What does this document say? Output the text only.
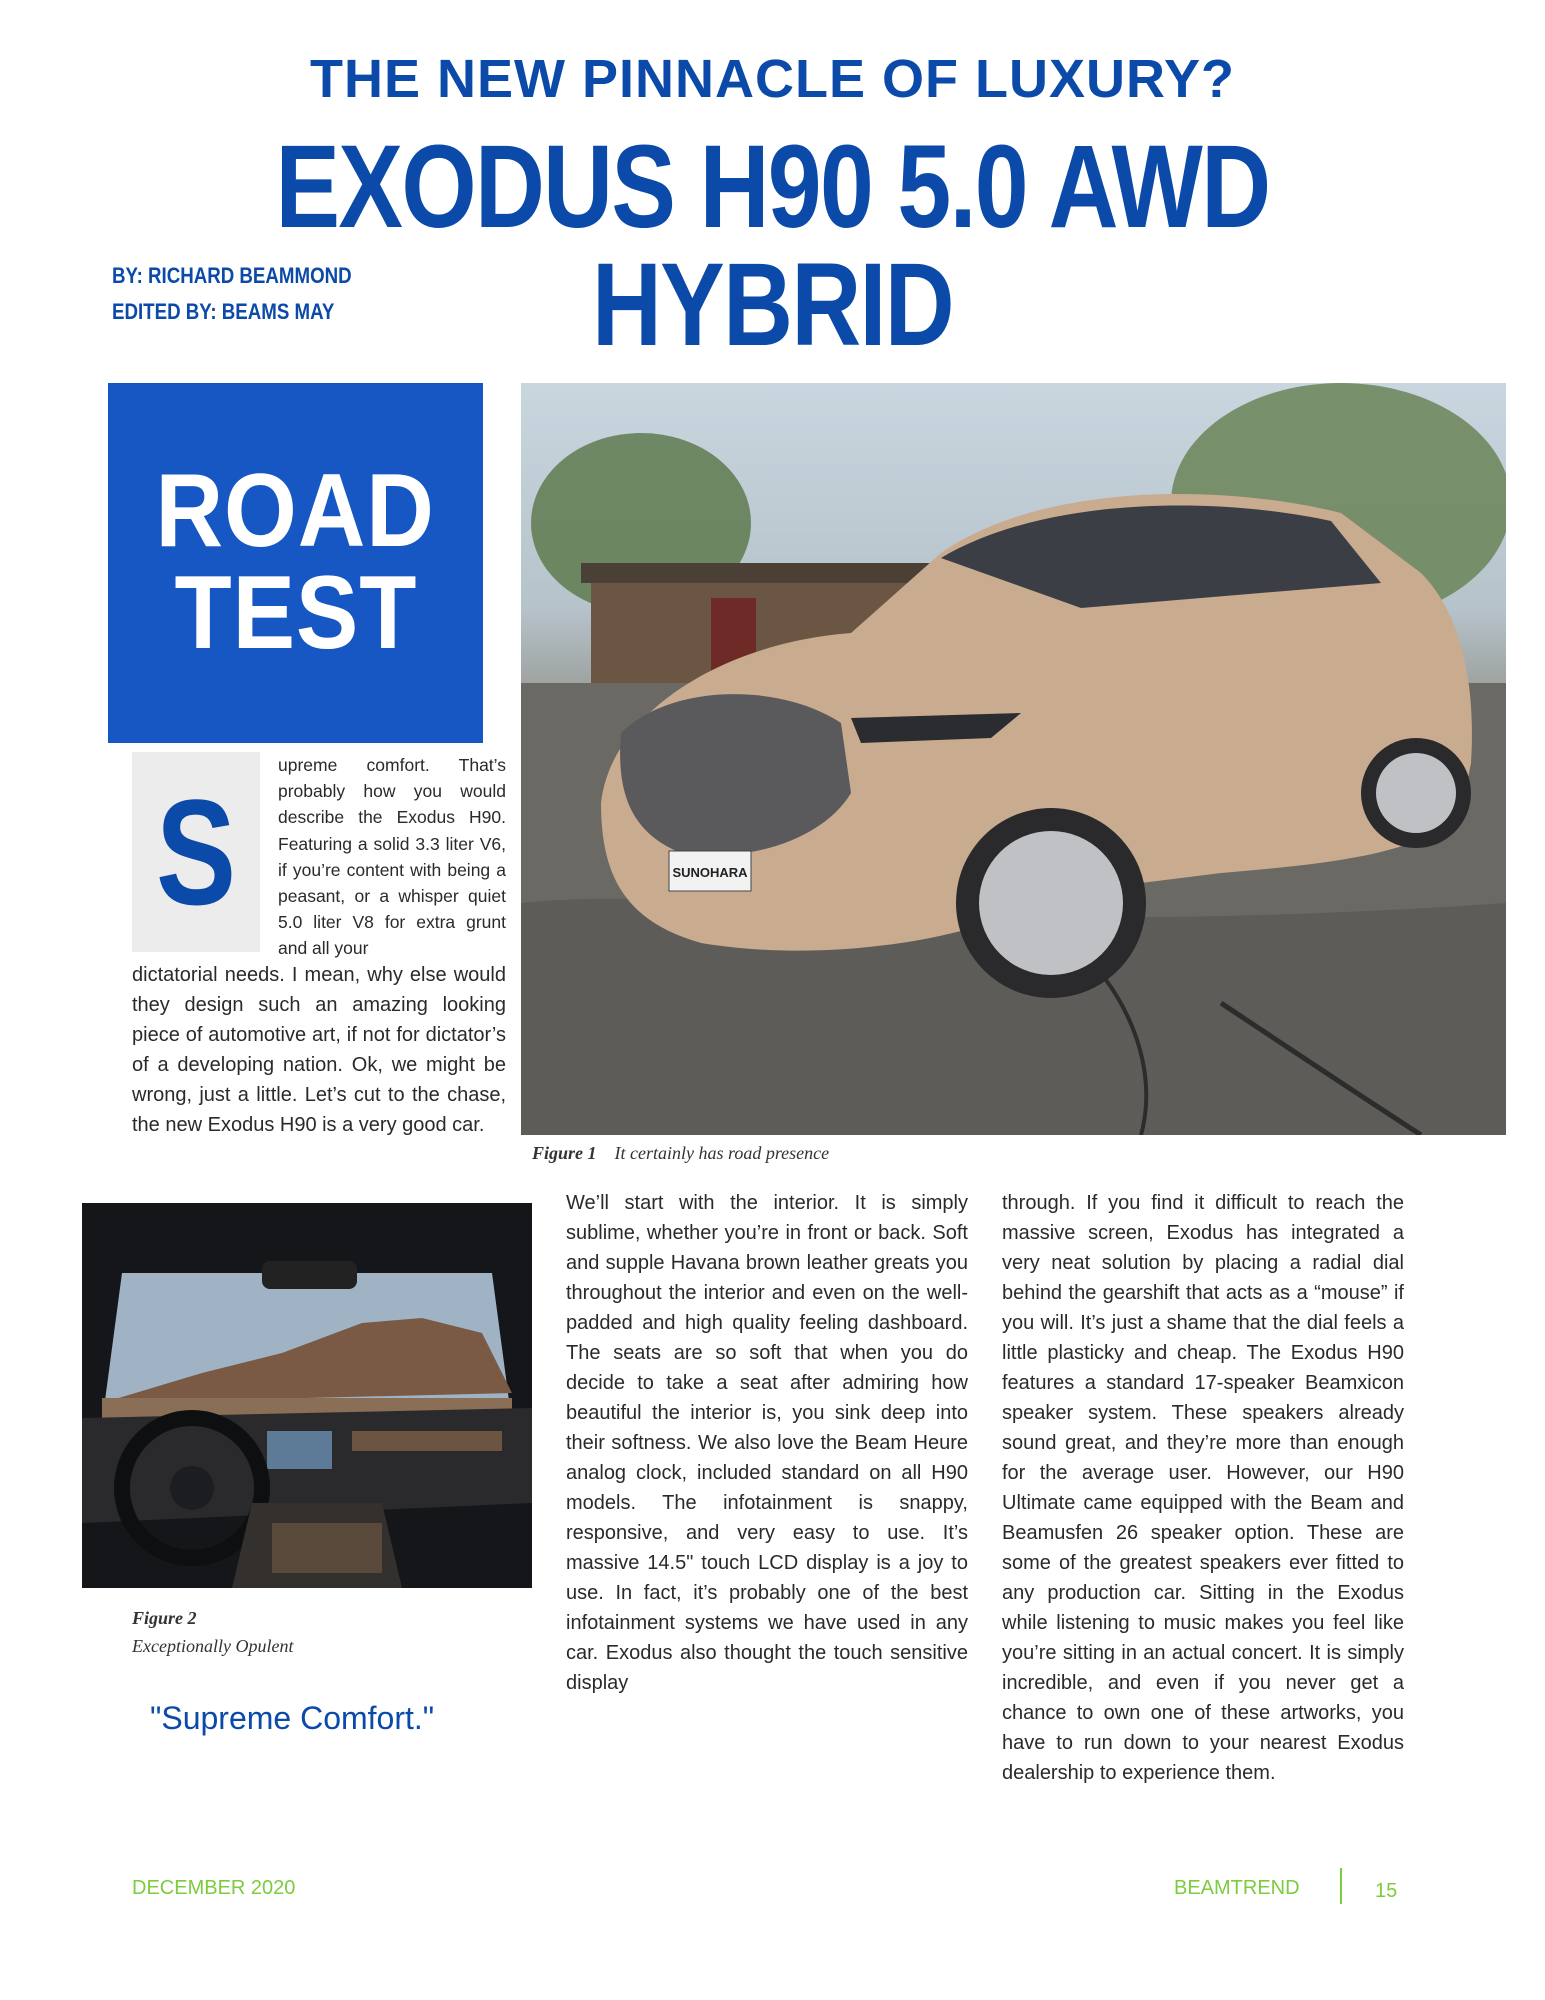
THE NEW PINNACLE OF LUXURY?
EXODUS H90 5.0 AWD HYBRID
BY: RICHARD BEAMMOND
EDITED BY: BEAMS MAY
ROAD
TEST
S
upreme comfort. That’s probably how you would describe the Exodus H90. Featuring a solid 3.3 liter V6, if you’re content with being a peasant, or a whisper quiet 5.0 liter V8 for extra grunt and all your
dictatorial needs. I mean, why else would they design such an amazing looking piece of automotive art, if not for dictator’s of a developing nation. Ok, we might be wrong, just a little. Let’s cut to the chase, the new Exodus H90 is a very good car.
SUNOHARA
Figure 1 It certainly has road presence
Figure 2
Exceptionally Opulent
"Supreme Comfort."
We’ll start with the interior. It is simply sublime, whether you’re in front or back. Soft and supple Havana brown leather greats you throughout the interior and even on the well-padded and high quality feeling dashboard. The seats are so soft that when you do decide to take a seat after admiring how beautiful the interior is, you sink deep into their softness. We also love the Beam Heure analog clock, included standard on all H90 models. The infotainment is snappy, responsive, and very easy to use. It’s massive 14.5" touch LCD display is a joy to use. In fact, it’s probably one of the best infotainment systems we have used in any car. Exodus also thought the touch sensitive display
through. If you find it difficult to reach the massive screen, Exodus has integrated a very neat solution by placing a radial dial behind the gearshift that acts as a “mouse” if you will. It’s just a shame that the dial feels a little plasticky and cheap. The Exodus H90 features a standard 17-speaker Beamxicon speaker system. These speakers already sound great, and they’re more than enough for the average user. However, our H90 Ultimate came equipped with the Beam and Beamusfen 26 speaker option. These are some of the greatest speakers ever fitted to any production car. Sitting in the Exodus while listening to music makes you feel like you’re sitting in an actual concert. It is simply incredible, and even if you never get a chance to own one of these artworks, you have to run down to your nearest Exodus dealership to experience them.
DECEMBER 2020	BEAMTREND	15
